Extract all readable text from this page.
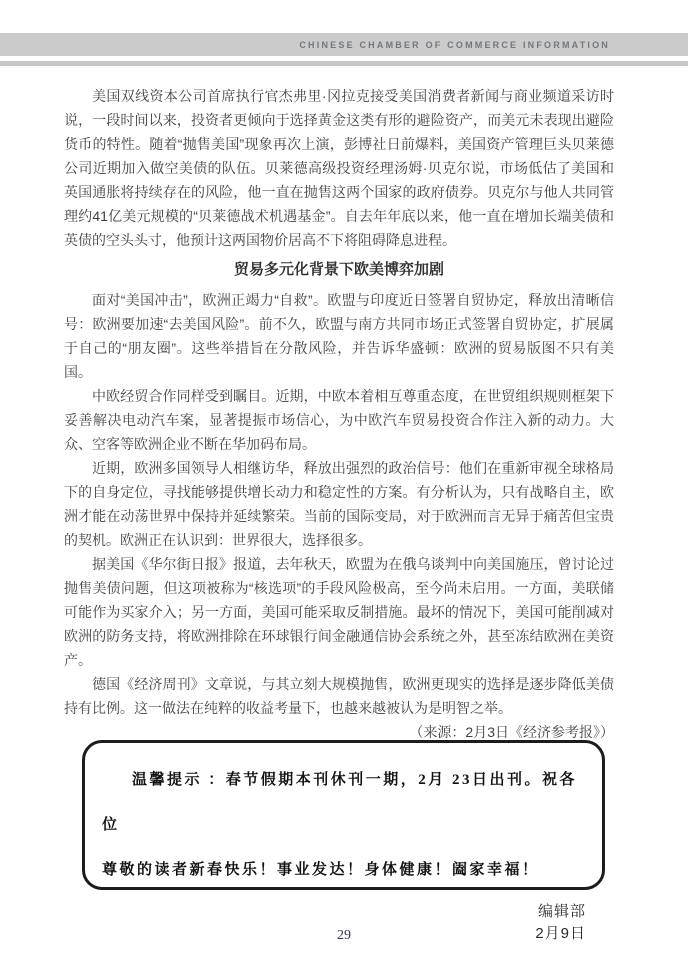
CHINESE CHAMBER OF COMMERCE INFORMATION

美国双线资本公司首席执行官杰弗里·冈拉克接受美国消费者新闻与商业频道采访时说，一段时间以来，投资者更倾向于选择黄金这类有形的避险资产，而美元未表现出避险货币的特性。随着“抛售美国”现象再次上演，彭博社日前爆料，美国资产管理巨头贝莱德公司近期加入做空美债的队伍。贝莱德高级投资经理汤姆·贝克尔说，市场低估了美国和英国通胀将持续存在的风险，他一直在抛售这两个国家的政府债券。贝克尔与他人共同管理约41亿美元规模的“贝莱德战术机遇基金”。自去年年底以来，他一直在增加长端美债和英债的空头头寸，他预计这两国物价居高不下将阻碍降息进程。

贸易多元化背景下欧美博弈加剧

面对“美国冲击”，欧洲正竭力“自救”。欧盟与印度近日签署自贸协定，释放出清晰信号：欧洲要加速“去美国风险”。前不久，欧盟与南方共同市场正式签署自贸协定，扩展属于自己的“朋友圈”。这些举措旨在分散风险，并告诉华盛顿：欧洲的贸易版图不只有美国。

中欧经贸合作同样受到瞩目。近期，中欧本着相互尊重态度，在世贸组织规则框架下妥善解决电动汽车案，显著提振市场信心，为中欧汽车贸易投资合作注入新的动力。大众、空客等欧洲企业不断在华加码布局。

近期，欧洲多国领导人相继访华，释放出强烈的政治信号：他们在重新审视全球格局下的自身定位，寻找能够提供增长动力和稳定性的方案。有分析认为，只有战略自主，欧洲才能在动荡世界中保持并延续繁荣。当前的国际变局，对于欧洲而言无异于痛苦但宝贵的契机。欧洲正在认识到：世界很大，选择很多。

据美国《华尔街日报》报道，去年秋天，欧盟为在俄乌谈判中向美国施压，曾讨论过抛售美债问题，但这项被称为“核选项”的手段风险极高，至今尚未启用。一方面，美联储可能作为买家介入；另一方面，美国可能采取反制措施。最坏的情况下，美国可能削减对欧洲的防务支持，将欧洲排除在环球银行间金融通信协会系统之外，甚至冻结欧洲在美资产。

德国《经济周刊》文章说，与其立刻大规模抛售，欧洲更现实的选择是逐步降低美债持有比例。这一做法在纯粹的收益考量下，也越来越被认为是明智之举。

（来源：2月3日《经济参考报》）

温馨提示 ：春节假期本刊休刊一期，2月 23日出刊。祝各位
尊敬的读者新春快乐！事业发达！身体健康！阖家幸福！
编辑部
2月9日
29
